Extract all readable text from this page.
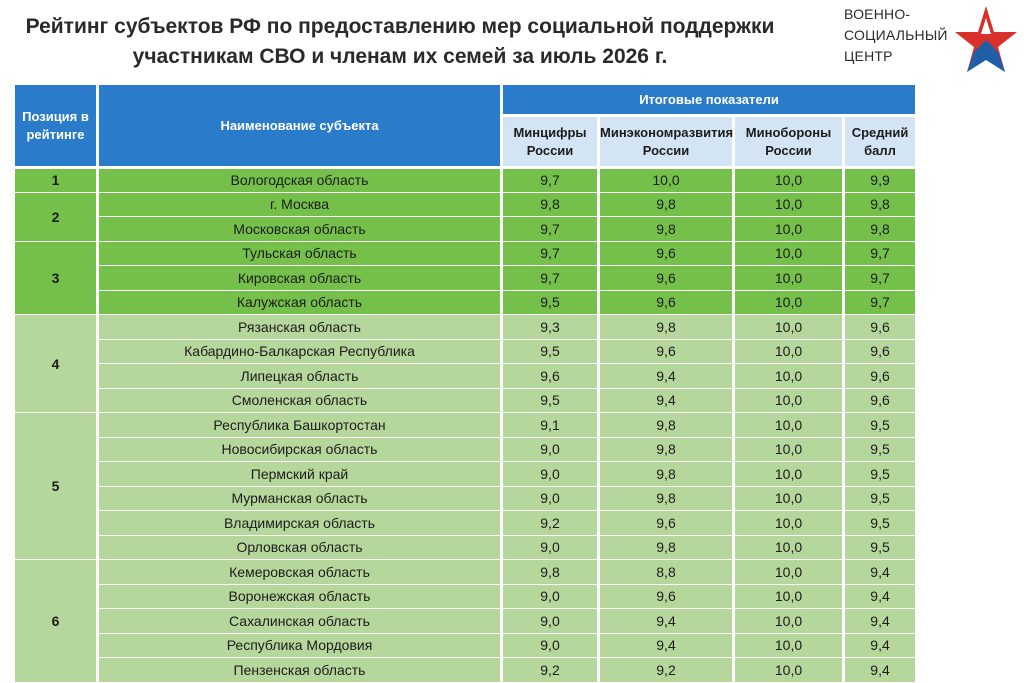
Рейтинг субъектов РФ по предоставлению мер социальной поддержки
участникам СВО и членам их семей за июль 2026 г.
ВОЕННО-
СОЦИАЛЬНЫЙ
ЦЕНТР
Позиция в рейтинге	Наименование субъекта	Итоговые показатели			
		Минцифры России	Минэкономразвития России	Минобороны России	Средний балл
1	Вологодская область	9,7	10,0	10,0	9,9
2	г. Москва	9,8	9,8	10,0	9,8
	Московская область	9,7	9,8	10,0	9,8
3	Тульская область	9,7	9,6	10,0	9,7
	Кировская область	9,7	9,6	10,0	9,7
	Калужская область	9,5	9,6	10,0	9,7
4	Рязанская область	9,3	9,8	10,0	9,6
	Кабардино-Балкарская Республика	9,5	9,6	10,0	9,6
	Липецкая область	9,6	9,4	10,0	9,6
	Смоленская область	9,5	9,4	10,0	9,6
5	Республика Башкортостан	9,1	9,8	10,0	9,5
	Новосибирская область	9,0	9,8	10,0	9,5
	Пермский край	9,0	9,8	10,0	9,5
	Мурманская область	9,0	9,8	10,0	9,5
	Владимирская область	9,2	9,6	10,0	9,5
	Орловская область	9,0	9,8	10,0	9,5
6	Кемеровская область	9,8	8,8	10,0	9,4
	Воронежская область	9,0	9,6	10,0	9,4
	Сахалинская область	9,0	9,4	10,0	9,4
	Республика Мордовия	9,0	9,4	10,0	9,4
	Пензенская область	9,2	9,2	10,0	9,4
